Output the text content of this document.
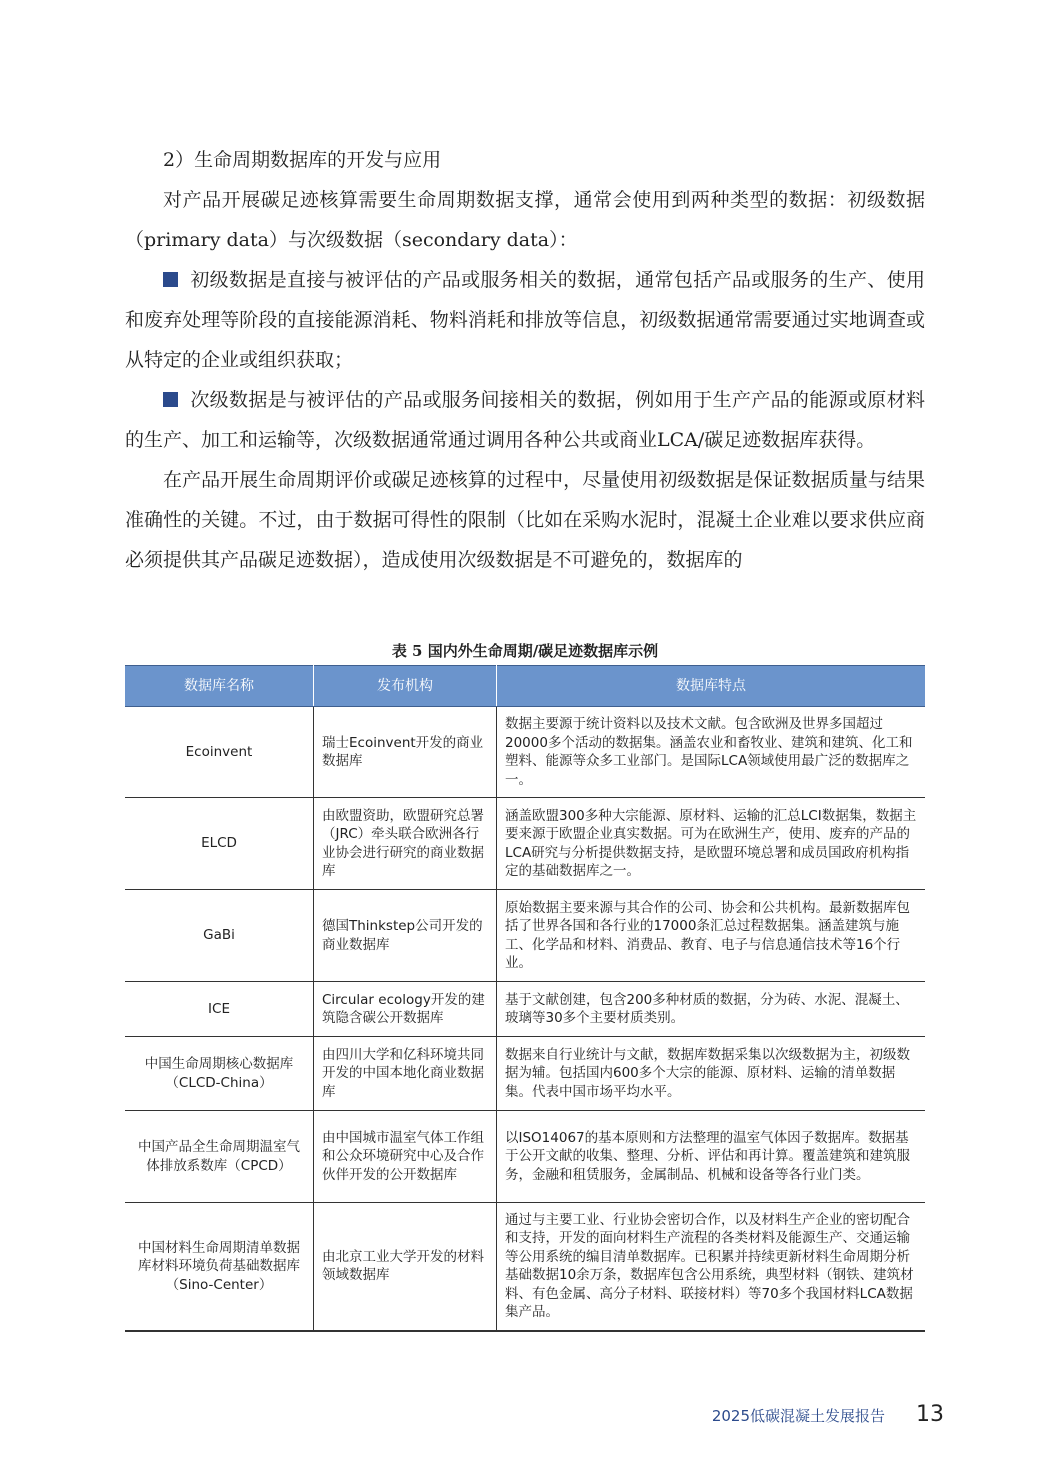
2）生命周期数据库的开发与应用

对产品开展碳足迹核算需要生命周期数据支撑，通常会使用到两种类型的数据：初级数据（primary data）与次级数据（secondary data）：

初级数据是直接与被评估的产品或服务相关的数据，通常包括产品或服务的生产、使用和废弃处理等阶段的直接能源消耗、物料消耗和排放等信息，初级数据通常需要通过实地调查或从特定的企业或组织获取；

次级数据是与被评估的产品或服务间接相关的数据，例如用于生产产品的能源或原材料的生产、加工和运输等，次级数据通常通过调用各种公共或商业LCA/碳足迹数据库获得。

在产品开展生命周期评价或碳足迹核算的过程中，尽量使用初级数据是保证数据质量与结果准确性的关键。不过，由于数据可得性的限制（比如在采购水泥时，混凝土企业难以要求供应商必须提供其产品碳足迹数据），造成使用次级数据是不可避免的，数据库的

表 5 国内外生命周期/碳足迹数据库示例
数据库名称	发布机构	数据库特点
Ecoinvent	瑞士Ecoinvent开发的商业数据库	数据主要源于统计资料以及技术文献。包含欧洲及世界多国超过20000多个活动的数据集。涵盖农业和畜牧业、建筑和建筑、化工和塑料、能源等众多工业部门。是国际LCA领域使用最广泛的数据库之一。
ELCD	由欧盟资助，欧盟研究总署（JRC）牵头联合欧洲各行业协会进行研究的商业数据库	涵盖欧盟300多种大宗能源、原材料、运输的汇总LCI数据集，数据主要来源于欧盟企业真实数据。可为在欧洲生产，使用、废弃的产品的LCA研究与分析提供数据支持，是欧盟环境总署和成员国政府机构指定的基础数据库之一。
GaBi	德国Thinkstep公司开发的商业数据库	原始数据主要来源与其合作的公司、协会和公共机构。最新数据库包括了世界各国和各行业的17000条汇总过程数据集。涵盖建筑与施工、化学品和材料、消费品、教育、电子与信息通信技术等16个行业。
ICE	Circular ecology开发的建筑隐含碳公开数据库	基于文献创建，包含200多种材质的数据，分为砖、水泥、混凝土、玻璃等30多个主要材质类别。
中国生命周期核心数据库（CLCD-China）	由四川大学和亿科环境共同开发的中国本地化商业数据库	数据来自行业统计与文献，数据库数据采集以次级数据为主，初级数据为辅。包括国内600多个大宗的能源、原材料、运输的清单数据集。代表中国市场平均水平。
中国产品全生命周期温室气体排放系数库（CPCD）	由中国城市温室气体工作组和公众环境研究中心及合作伙伴开发的公开数据库	以ISO14067的基本原则和方法整理的温室气体因子数据库。数据基于公开文献的收集、整理、分析、评估和再计算。覆盖建筑和建筑服务，金融和租赁服务，金属制品、机械和设备等各行业门类。
中国材料生命周期清单数据库材料环境负荷基础数据库（Sino-Center）	由北京工业大学开发的材料领域数据库	通过与主要工业、行业协会密切合作，以及材料生产企业的密切配合和支持，开发的面向材料生产流程的各类材料及能源生产、交通运输等公用系统的编目清单数据库。已积累并持续更新材料生命周期分析基础数据10余万条，数据库包含公用系统，典型材料（钢铁、建筑材料、有色金属、高分子材料、联接材料）等70多个我国材料LCA数据集产品。
2025低碳混凝土发展报告 13
